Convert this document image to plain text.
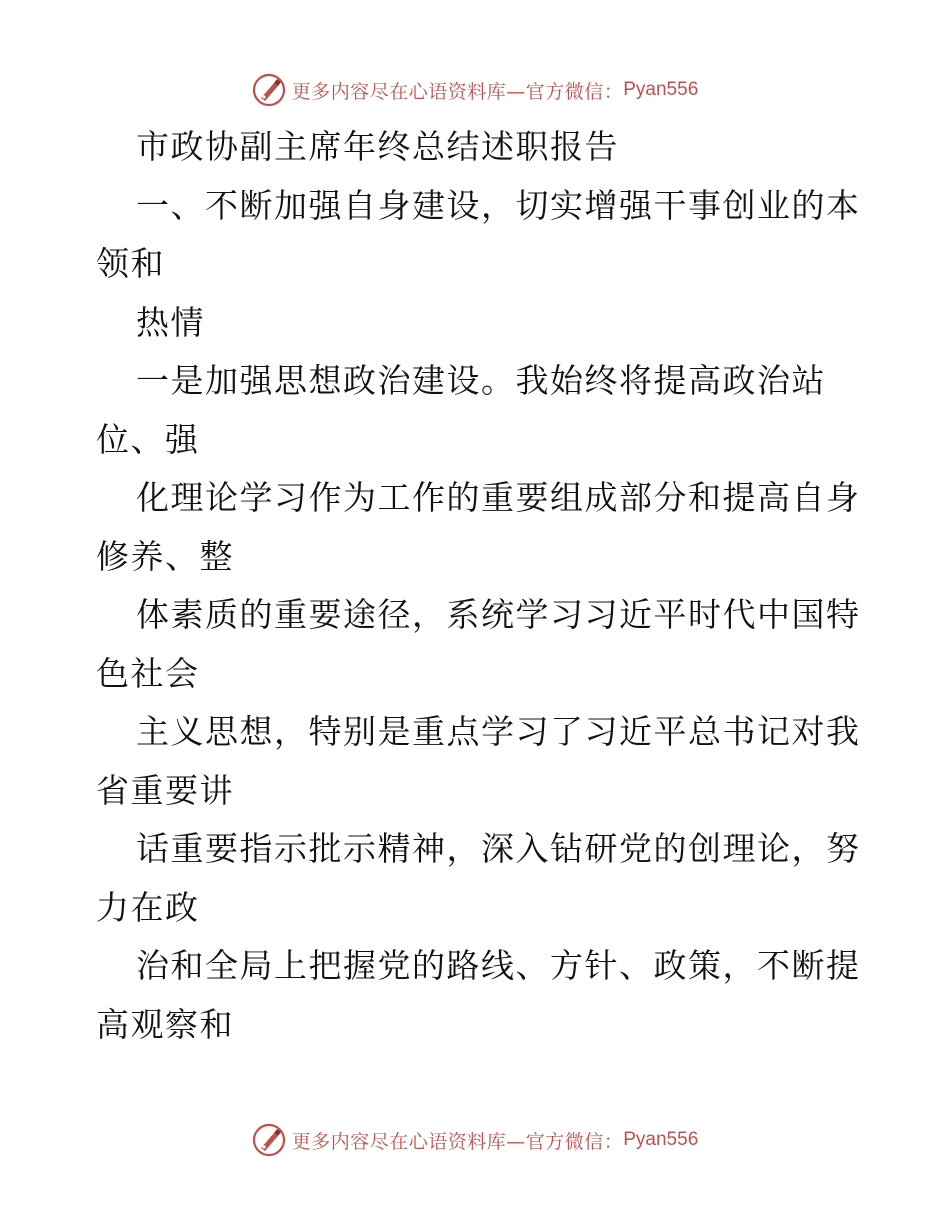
更多内容尽在心语资料库—官方微信： Pyan556
市政协副主席年终总结述职报告
一、不断加强自身建设，切实增强干事创业的本
领和
热情
一是加强思想政治建设。我始终将提高政治站
位、强
化理论学习作为工作的重要组成部分和提高自身
修养、整
体素质的重要途径，系统学习习近平时代中国特
色社会
主义思想，特别是重点学习了习近平总书记对我
省重要讲
话重要指示批示精神，深入钻研党的创理论，努
力在政
治和全局上把握党的路线、方针、政策，不断提
高观察和
更多内容尽在心语资料库—官方微信： Pyan556
